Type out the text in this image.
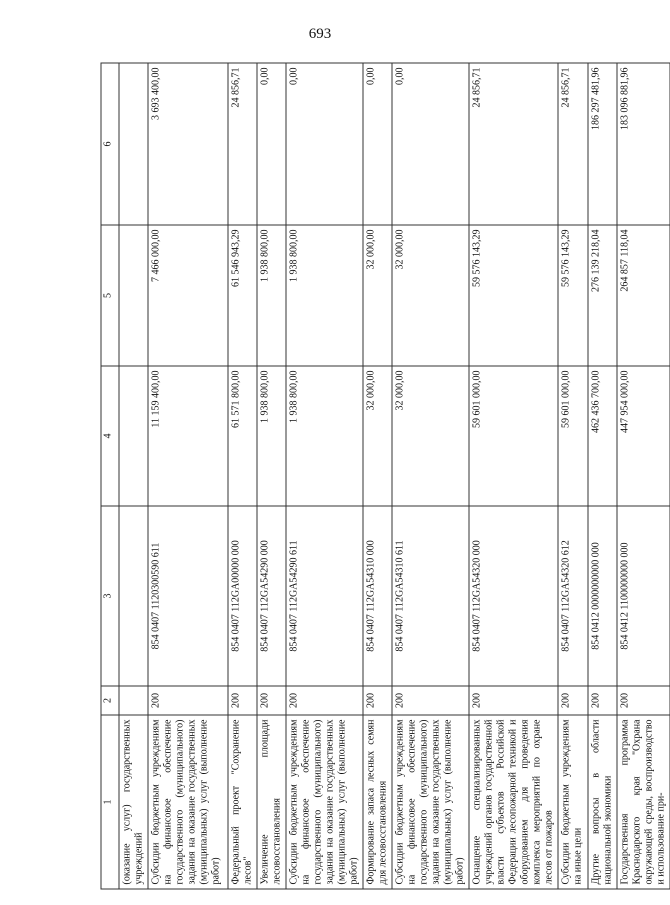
693
1	2	3	4	5	6
(оказание услуг) государственных учреждений					
Субсидии бюджетным учреждениям на финансовое обеспечение государственного (муниципального) задания на оказание государственных (муниципальных) услуг (выполнение работ)	200	854 0407 1120300590 611	11 159 400,00	7 466 000,00	3 693 400,00
Федеральный проект "Сохранение лесов"	200	854 0407 112GA00000 000	61 571 800,00	61 546 943,29	24 856,71
Увеличение площади лесовосстановления	200	854 0407 112GA54290 000	1 938 800,00	1 938 800,00	0,00
Субсидии бюджетным учреждениям на финансовое обеспечение государственного (муниципального) задания на оказание государственных (муниципальных) услуг (выполнение работ)	200	854 0407 112GA54290 611	1 938 800,00	1 938 800,00	0,00
Формирование запаса лесных семян для лесовосстановления	200	854 0407 112GA54310 000	32 000,00	32 000,00	0,00
Субсидии бюджетным учреждениям на финансовое обеспечение государственного (муниципального) задания на оказание государственных (муниципальных) услуг (выполнение работ)	200	854 0407 112GA54310 611	32 000,00	32 000,00	0,00
Оснащение специализированных учреждений органов государственной власти субъектов Российской Федерации лесопожарной техникой и оборудованием для проведения комплекса мероприятий по охране лесов от пожаров	200	854 0407 112GA54320 000	59 601 000,00	59 576 143,29	24 856,71
Субсидии бюджетным учреждениям на иные цели	200	854 0407 112GA54320 612	59 601 000,00	59 576 143,29	24 856,71
Другие вопросы в области национальной экономики	200	854 0412 0000000000 000	462 436 700,00	276 139 218,04	186 297 481,96
Государственная программа Краснодарского края "Охрана окружающей среды, воспроизводство и использование при-	200	854 0412 1100000000 000	447 954 000,00	264 857 118,04	183 096 881,96
